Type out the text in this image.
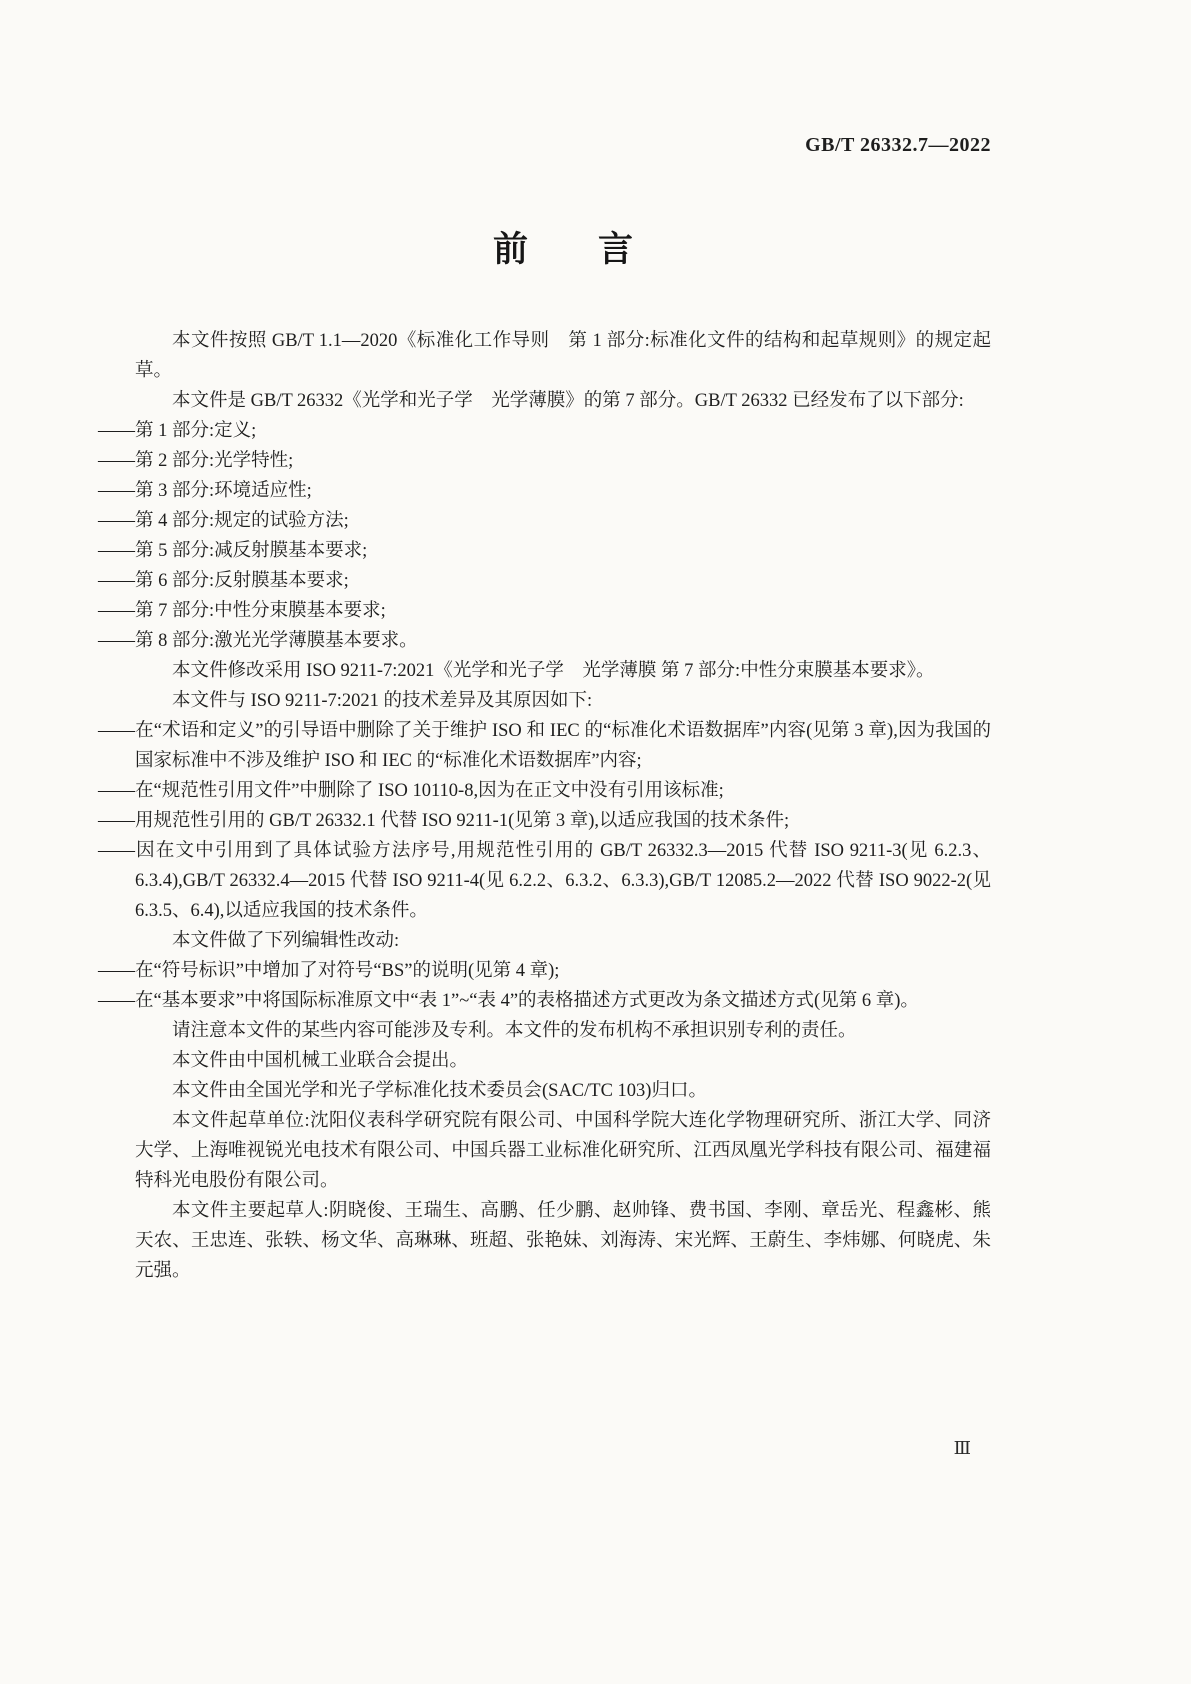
GB/T 26332.7—2022
前　　言

本文件按照 GB/T 1.1—2020《标准化工作导则　第 1 部分:标准化文件的结构和起草规则》的规定起草。

本文件是 GB/T 26332《光学和光子学　光学薄膜》的第 7 部分。GB/T 26332 已经发布了以下部分:

——第 1 部分:定义;

——第 2 部分:光学特性;

——第 3 部分:环境适应性;

——第 4 部分:规定的试验方法;

——第 5 部分:减反射膜基本要求;

——第 6 部分:反射膜基本要求;

——第 7 部分:中性分束膜基本要求;

——第 8 部分:激光光学薄膜基本要求。

本文件修改采用 ISO 9211-7:2021《光学和光子学　光学薄膜 第 7 部分:中性分束膜基本要求》。

本文件与 ISO 9211-7:2021 的技术差异及其原因如下:

——在“术语和定义”的引导语中删除了关于维护 ISO 和 IEC 的“标准化术语数据库”内容(见第 3 章),因为我国的国家标准中不涉及维护 ISO 和 IEC 的“标准化术语数据库”内容;

——在“规范性引用文件”中删除了 ISO 10110-8,因为在正文中没有引用该标准;

——用规范性引用的 GB/T 26332.1 代替 ISO 9211-1(见第 3 章),以适应我国的技术条件;

——因在文中引用到了具体试验方法序号,用规范性引用的 GB/T 26332.3—2015 代替 ISO 9211-3(见 6.2.3、6.3.4),GB/T 26332.4—2015 代替 ISO 9211-4(见 6.2.2、6.3.2、6.3.3),GB/T 12085.2—2022 代替 ISO 9022-2(见 6.3.5、6.4),以适应我国的技术条件。

本文件做了下列编辑性改动:

——在“符号标识”中增加了对符号“BS”的说明(见第 4 章);

——在“基本要求”中将国际标准原文中“表 1”~“表 4”的表格描述方式更改为条文描述方式(见第 6 章)。

请注意本文件的某些内容可能涉及专利。本文件的发布机构不承担识别专利的责任。

本文件由中国机械工业联合会提出。

本文件由全国光学和光子学标准化技术委员会(SAC/TC 103)归口。

本文件起草单位:沈阳仪表科学研究院有限公司、中国科学院大连化学物理研究所、浙江大学、同济大学、上海唯视锐光电技术有限公司、中国兵器工业标准化研究所、江西凤凰光学科技有限公司、福建福特科光电股份有限公司。

本文件主要起草人:阴晓俊、王瑞生、高鹏、任少鹏、赵帅锋、费书国、李刚、章岳光、程鑫彬、熊天农、王忠连、张轶、杨文华、高琳琳、班超、张艳妹、刘海涛、宋光辉、王蔚生、李炜娜、何晓虎、朱元强。

Ⅲ
